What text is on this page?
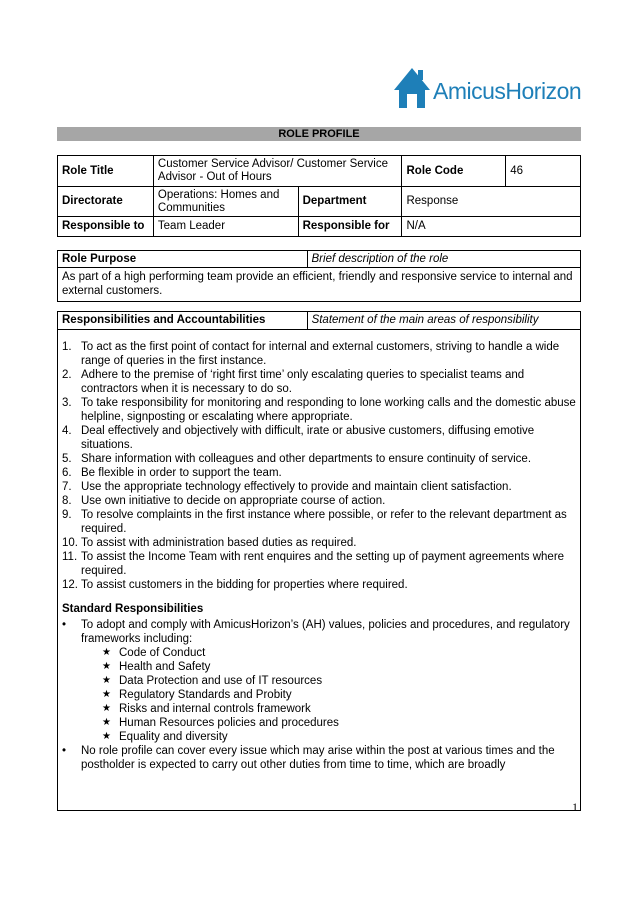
AmicusHorizon
ROLE PROFILE
Role Title	Customer Service Advisor/ Customer Service Advisor - Out of Hours		Role Code	46
Directorate	Operations: Homes and Communities	Department	Response	
Responsible to	Team Leader	Responsible for	N/A	
Role Purpose	Brief description of the role
As part of a high performing team provide an efficient, friendly and responsive service to internal and external customers.
Responsibilities and Accountabilities	Statement of the main areas of responsibility

1. To act as the first point of contact for internal and external customers, striving to handle a wide range of queries in the first instance.
2. Adhere to the premise of ‘right first time’ only escalating queries to specialist teams and contractors when it is necessary to do so.
3. To take responsibility for monitoring and responding to lone working calls and the domestic abuse helpline, signposting or escalating where appropriate.
4. Deal effectively and objectively with difficult, irate or abusive customers, diffusing emotive situations.
5. Share information with colleagues and other departments to ensure continuity of service.
6. Be flexible in order to support the team.
7. Use the appropriate technology effectively to provide and maintain client satisfaction.
8. Use own initiative to decide on appropriate course of action.
9. To resolve complaints in the first instance where possible, or refer to the relevant department as required.
10. To assist with administration based duties as required.
11. To assist the Income Team with rent enquires and the setting up of payment agreements where required.
12. To assist customers in the bidding for properties where required.
Standard Responsibilities
• To adopt and comply with AmicusHorizon’s (AH) values, policies and procedures, and regulatory frameworks including:
★ Code of Conduct
★ Health and Safety
★ Data Protection and use of IT resources
★ Regulatory Standards and Probity
★ Risks and internal controls framework
★ Human Resources policies and procedures
★ Equality and diversity
• No role profile can cover every issue which may arise within the post at various times and the postholder is expected to carry out other duties from time to time, which are broadly
1
